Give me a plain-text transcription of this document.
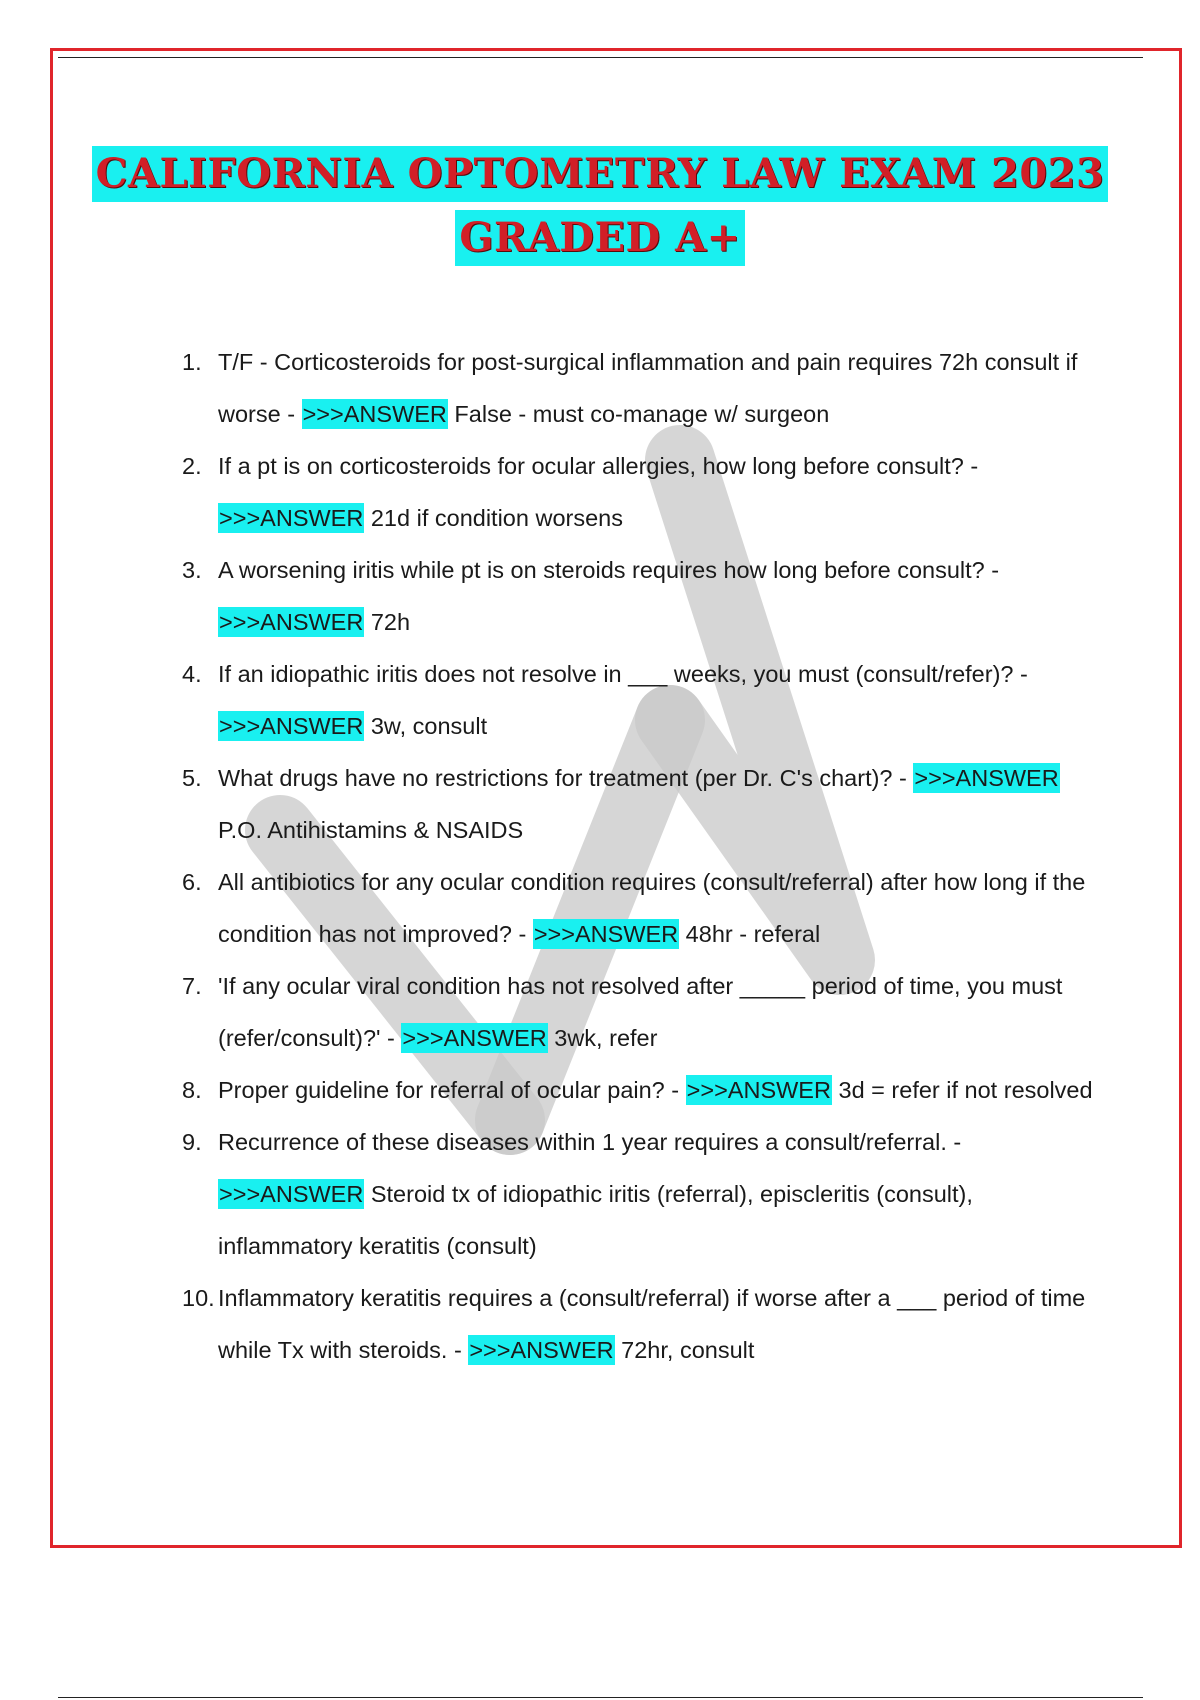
CALIFORNIA OPTOMETRY LAW EXAM 2023
GRADED A+
1. T/F - Corticosteroids for post-surgical inflammation and pain requires 72h consult if worse - >>>ANSWER False - must co-manage w/ surgeon
2. If a pt is on corticosteroids for ocular allergies, how long before consult? - >>>ANSWER 21d if condition worsens
3. A worsening iritis while pt is on steroids requires how long before consult? - >>>ANSWER 72h
4. If an idiopathic iritis does not resolve in ___ weeks, you must (consult/refer)? - >>>ANSWER 3w, consult
5. What drugs have no restrictions for treatment (per Dr. C's chart)? - >>>ANSWER P.O. Antihistamins & NSAIDS
6. All antibiotics for any ocular condition requires (consult/referral) after how long if the condition has not improved? - >>>ANSWER 48hr - referal
7. 'If any ocular viral condition has not resolved after _____ period of time, you must (refer/consult)?' - >>>ANSWER 3wk, refer
8. Proper guideline for referral of ocular pain? - >>>ANSWER 3d = refer if not resolved
9. Recurrence of these diseases within 1 year requires a consult/referral. - >>>ANSWER Steroid tx of idiopathic iritis (referral), episcleritis (consult), inflammatory keratitis (consult)
10. Inflammatory keratitis requires a (consult/referral) if worse after a ___ period of time while Tx with steroids. - >>>ANSWER 72hr, consult
